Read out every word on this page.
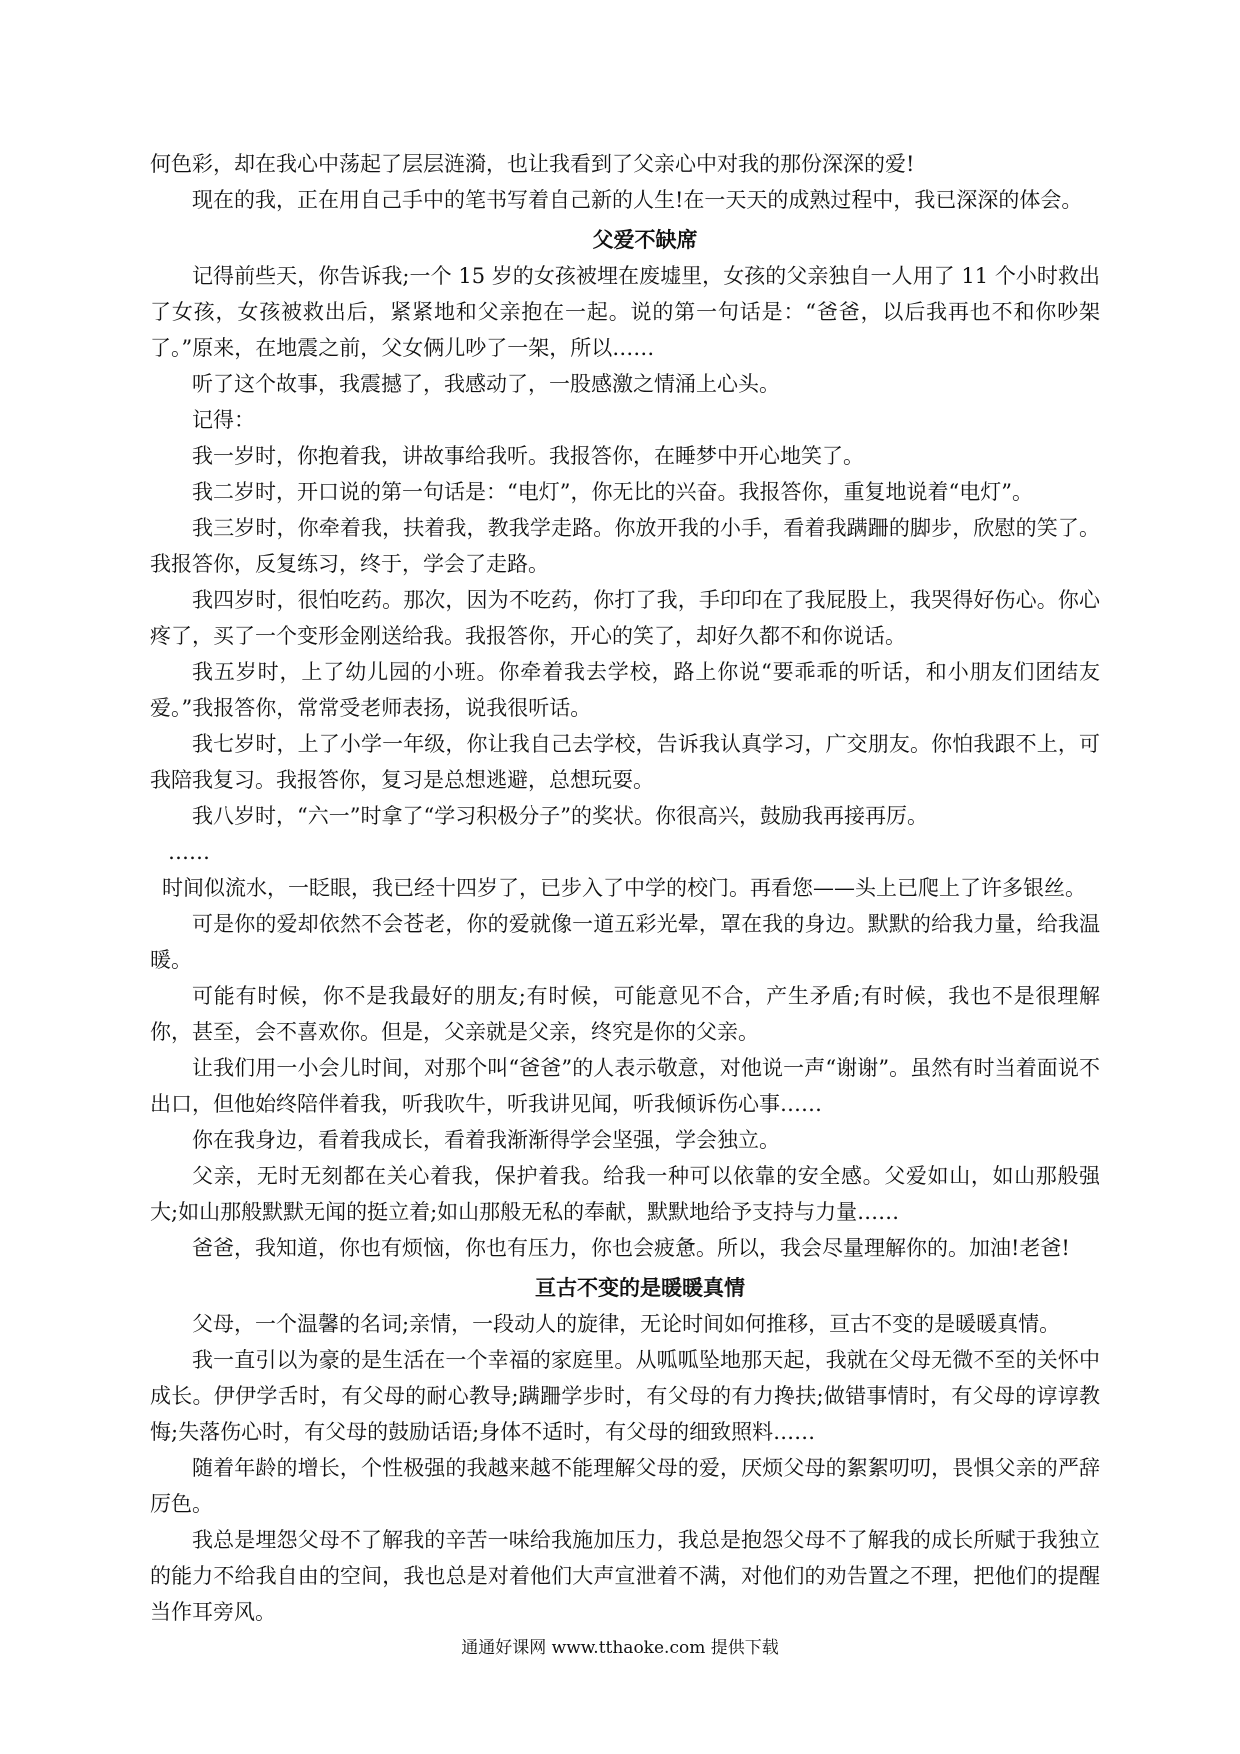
何色彩，却在我心中荡起了层层涟漪，也让我看到了父亲心中对我的那份深深的爱!

现在的我，正在用自己手中的笔书写着自己新的人生!在一天天的成熟过程中，我已深深的体会。

父爱不缺席

记得前些天，你告诉我;一个 15 岁的女孩被埋在废墟里，女孩的父亲独自一人用了 11 个小时救出了女孩，女孩被救出后，紧紧地和父亲抱在一起。说的第一句话是：“爸爸，以后我再也不和你吵架了。”原来，在地震之前，父女俩儿吵了一架，所以……

听了这个故事，我震撼了，我感动了，一股感激之情涌上心头。

记得：

我一岁时，你抱着我，讲故事给我听。我报答你，在睡梦中开心地笑了。

我二岁时，开口说的第一句话是：“电灯”，你无比的兴奋。我报答你，重复地说着“电灯”。

我三岁时，你牵着我，扶着我，教我学走路。你放开我的小手，看着我蹒跚的脚步，欣慰的笑了。我报答你，反复练习，终于，学会了走路。

我四岁时，很怕吃药。那次，因为不吃药，你打了我，手印印在了我屁股上，我哭得好伤心。你心疼了，买了一个变形金刚送给我。我报答你，开心的笑了，却好久都不和你说话。

我五岁时，上了幼儿园的小班。你牵着我去学校，路上你说“要乖乖的听话，和小朋友们团结友爱。”我报答你，常常受老师表扬，说我很听话。

我七岁时，上了小学一年级，你让我自己去学校，告诉我认真学习，广交朋友。你怕我跟不上，可我陪我复习。我报答你，复习是总想逃避，总想玩耍。

我八岁时，“六一”时拿了“学习积极分子”的奖状。你很高兴，鼓励我再接再厉。

……

时间似流水，一眨眼，我已经十四岁了，已步入了中学的校门。再看您——头上已爬上了许多银丝。

可是你的爱却依然不会苍老，你的爱就像一道五彩光晕，罩在我的身边。默默的给我力量，给我温暖。

可能有时候，你不是我最好的朋友;有时候，可能意见不合，产生矛盾;有时候，我也不是很理解你，甚至，会不喜欢你。但是，父亲就是父亲，终究是你的父亲。

让我们用一小会儿时间，对那个叫“爸爸”的人表示敬意，对他说一声“谢谢”。虽然有时当着面说不出口，但他始终陪伴着我，听我吹牛，听我讲见闻，听我倾诉伤心事……

你在我身边，看着我成长，看着我渐渐得学会坚强，学会独立。

父亲，无时无刻都在关心着我，保护着我。给我一种可以依靠的安全感。父爱如山，如山那般强大;如山那般默默无闻的挺立着;如山那般无私的奉献，默默地给予支持与力量……

爸爸，我知道，你也有烦恼，你也有压力，你也会疲惫。所以，我会尽量理解你的。加油!老爸!

亘古不变的是暖暖真情

父母，一个温馨的名词;亲情，一段动人的旋律，无论时间如何推移，亘古不变的是暖暖真情。

我一直引以为豪的是生活在一个幸福的家庭里。从呱呱坠地那天起，我就在父母无微不至的关怀中成长。伊伊学舌时，有父母的耐心教导;蹒跚学步时，有父母的有力搀扶;做错事情时，有父母的谆谆教悔;失落伤心时，有父母的鼓励话语;身体不适时，有父母的细致照料……

随着年龄的增长，个性极强的我越来越不能理解父母的爱，厌烦父母的絮絮叨叨，畏惧父亲的严辞厉色。

我总是埋怨父母不了解我的辛苦一味给我施加压力，我总是抱怨父母不了解我的成长所赋于我独立的能力不给我自由的空间，我也总是对着他们大声宣泄着不满，对他们的劝告置之不理，把他们的提醒当作耳旁风。

通通好课网 www.tthaoke.com 提供下载
